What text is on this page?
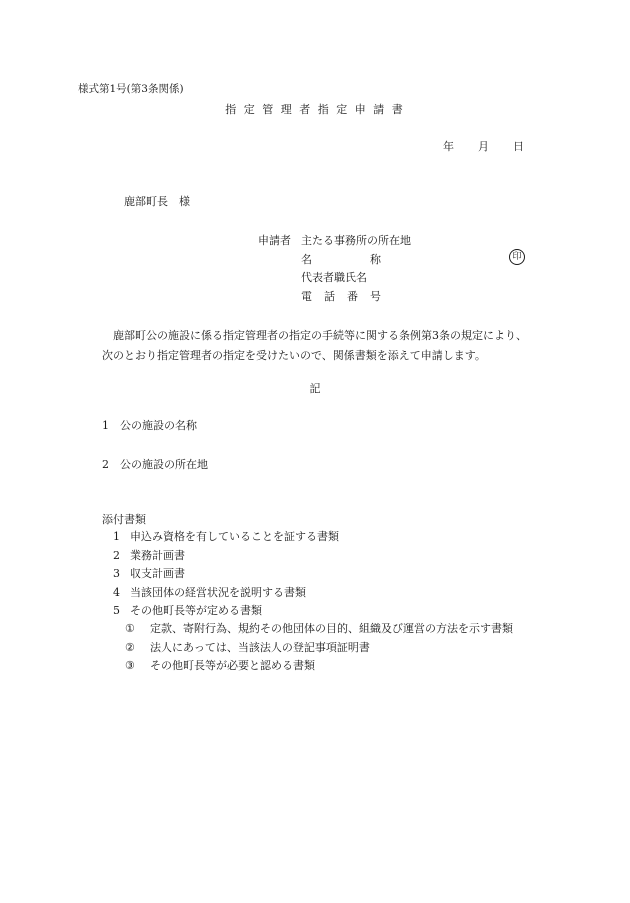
様式第1号(第3条関係)
指 定 管 理 者 指 定 申 請 書
年 月 日
鹿部町長　様
申請者 主たる事務所の所在地
名	称	印
代表者職氏名
電 話 番 号

鹿部町公の施設に係る指定管理者の指定の手続等に関する条例第3条の規定により、

次のとおり指定管理者の指定を受けたいので、関係書類を添えて申請します。

記
1 公の施設の名称
2 公の施設の所在地
添付書類
1 申込み資格を有していることを証する書類
2 業務計画書
3 収支計画書
4 当該団体の経営状況を説明する書類
5 その他町長等が定める書類
① 定款、寄附行為、規約その他団体の目的、組織及び運営の方法を示す書類
② 法人にあっては、当該法人の登記事項証明書
③ その他町長等が必要と認める書類
